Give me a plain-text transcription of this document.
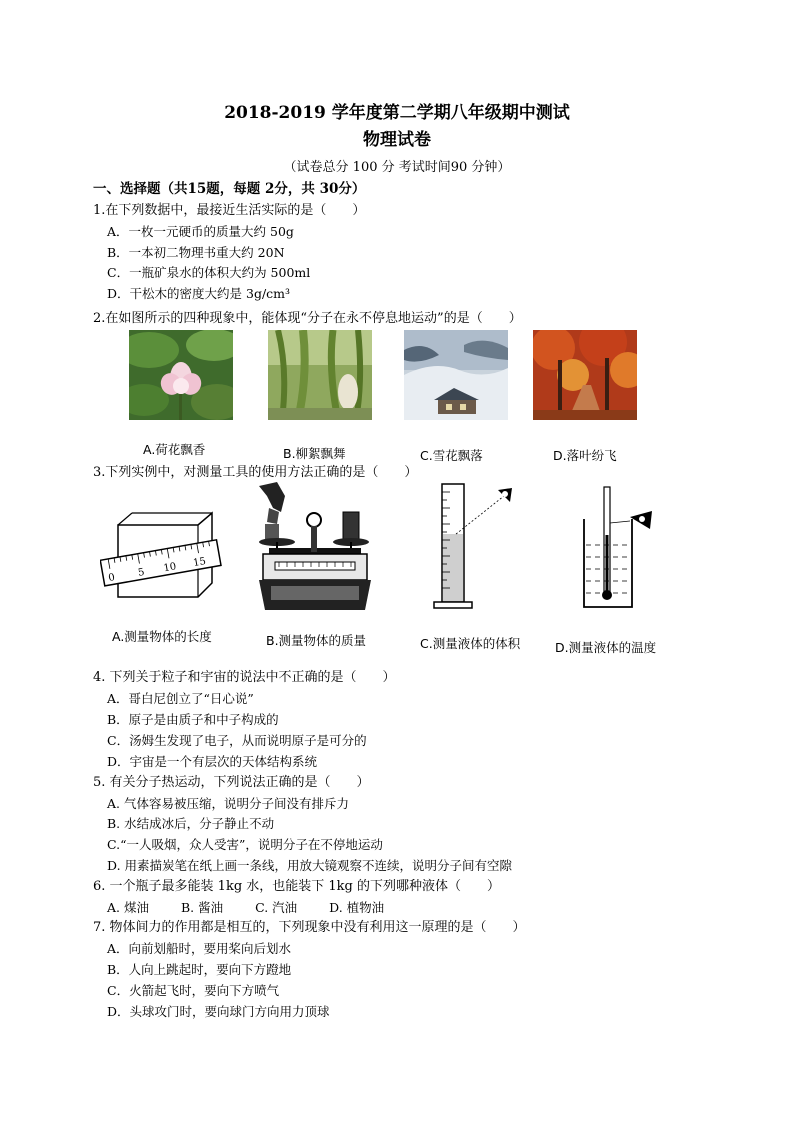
2018-2019 学年度第二学期八年级期中测试
物理试卷
（试卷总分 100 分 考试时间90 分钟）
一、选择题（共15题，每题 2分，共 30分）
1.在下列数据中，最接近生活实际的是（　　）
A．一枚一元硬币的质量大约 50g
B．一本初二物理书重大约 20N
C．一瓶矿泉水的体积大约为 500ml
D．干松木的密度大约是 3g/cm³
2.在如图所示的四种现象中，能体现“分子在永不停息地运动”的是（　　）
A.荷花飘香	B.柳絮飘舞	C.雪花飘落	D.落叶纷飞
3.下列实例中，对测量工具的使用方法正确的是（　　）
0 5 10 15
A.测量物体的长度	B.测量物体的质量	C.测量液体的体积	D.测量液体的温度
4. 下列关于粒子和宇宙的说法中不正确的是（　　）
A．哥白尼创立了“日心说”
B．原子是由质子和中子构成的
C．汤姆生发现了电子，从而说明原子是可分的
D．宇宙是一个有层次的天体结构系统
5. 有关分子热运动，下列说法正确的是（　　）
A. 气体容易被压缩，说明分子间没有排斥力
B. 水结成冰后，分子静止不动
C.“一人吸烟，众人受害”，说明分子在不停地运动
D. 用素描炭笔在纸上画一条线，用放大镜观察不连续，说明分子间有空隙
6. 一个瓶子最多能装 1kg 水，也能装下 1kg 的下列哪种液体（　　）
A. 煤油	B. 酱油	C. 汽油	D. 植物油
7. 物体间力的作用都是相互的，下列现象中没有利用这一原理的是（　　）
A．向前划船时，要用桨向后划水
B．人向上跳起时，要向下方蹬地
C．火箭起飞时，要向下方喷气
D．头球攻门时，要向球门方向用力顶球
